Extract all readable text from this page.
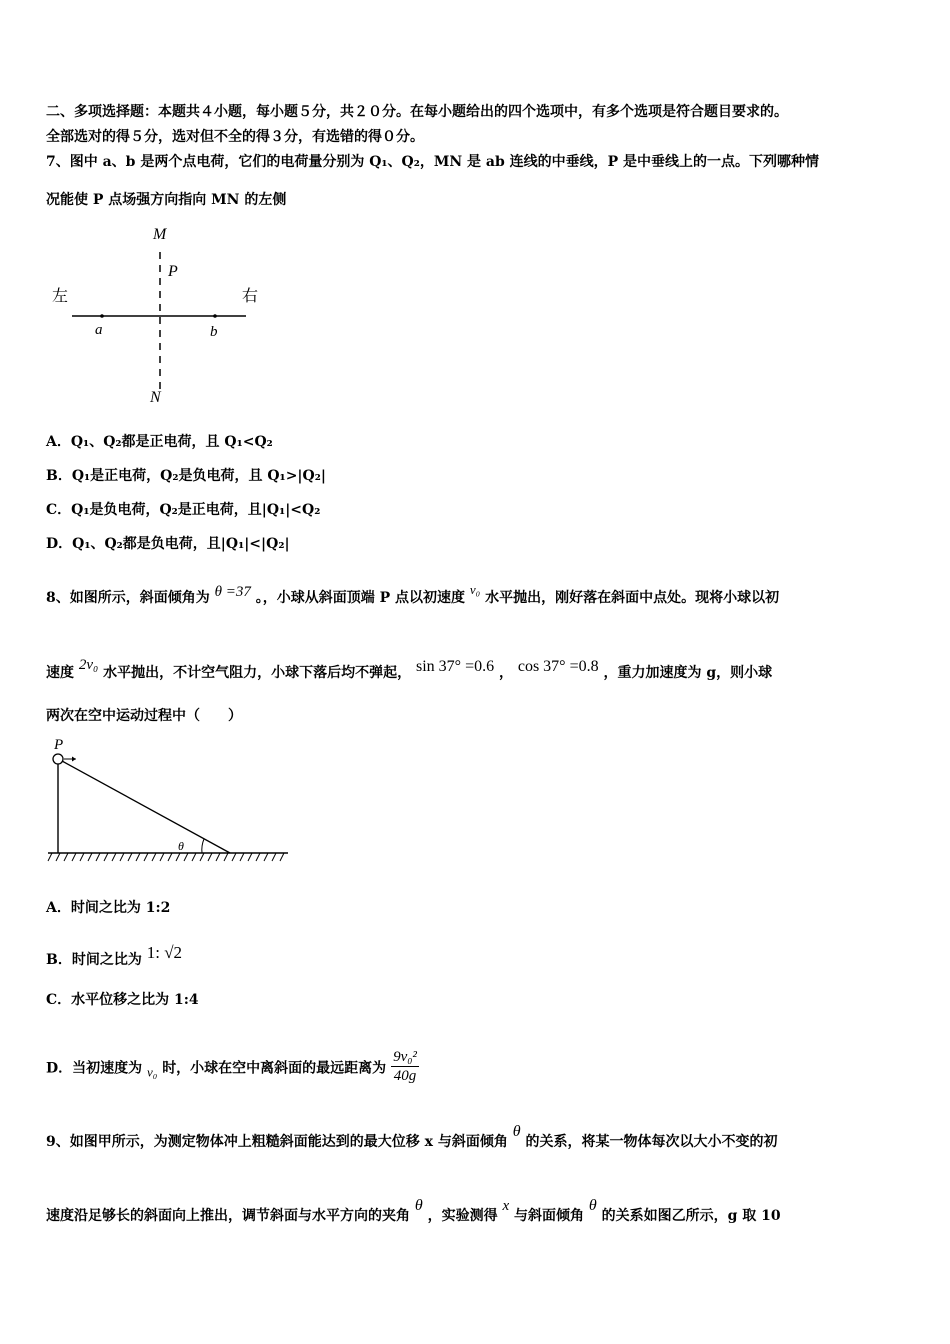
二、多项选择题：本题共４小题，每小题５分，共２０分。在每小题给出的四个选项中，有多个选项是符合题目要求的。
全部选对的得５分，选对但不全的得３分，有选错的得０分。
7、图中 a、b 是两个点电荷，它们的电荷量分别为 Q₁、Q₂，MN 是 ab 连线的中垂线，P 是中垂线上的一点。下列哪种情
况能使 P 点场强方向指向 MN 的左侧
M
P
N
左	右
a	b
A．Q₁、Q₂都是正电荷，且 Q₁<Q₂
B．Q₁是正电荷，Q₂是负电荷，且 Q₁>|Q₂|
C．Q₁是负电荷，Q₂是正电荷，且|Q₁|<Q₂
D．Q₁、Q₂都是负电荷，且|Q₁|<|Q₂|
8、如图所示，斜面倾角为 θ =37 。，小球从斜面顶端 P 点以初速度 v₀ 水平抛出，刚好落在斜面中点处。现将小球以初
速度 2v₀ 水平抛出，不计空气阻力，小球下落后均不弹起， sin 37° =0.6 ， cos 37° =0.8 ，重力加速度为 g，则小球
两次在空中运动过程中（　　）
P
θ
A．时间之比为 1:2
B．时间之比为 1: √2
C．水平位移之比为 1:4
D．当初速度为 v₀ 时，小球在空中离斜面的最远距离为 $\frac{\text{9v₀²}}{40g}$
9、如图甲所示，为测定物体冲上粗糙斜面能达到的最大位移 x 与斜面倾角 θ 的关系，将某一物体每次以大小不变的初
速度沿足够长的斜面向上推出，调节斜面与水平方向的夹角 θ ，实验测得 x 与斜面倾角 θ 的关系如图乙所示，g 取 10
